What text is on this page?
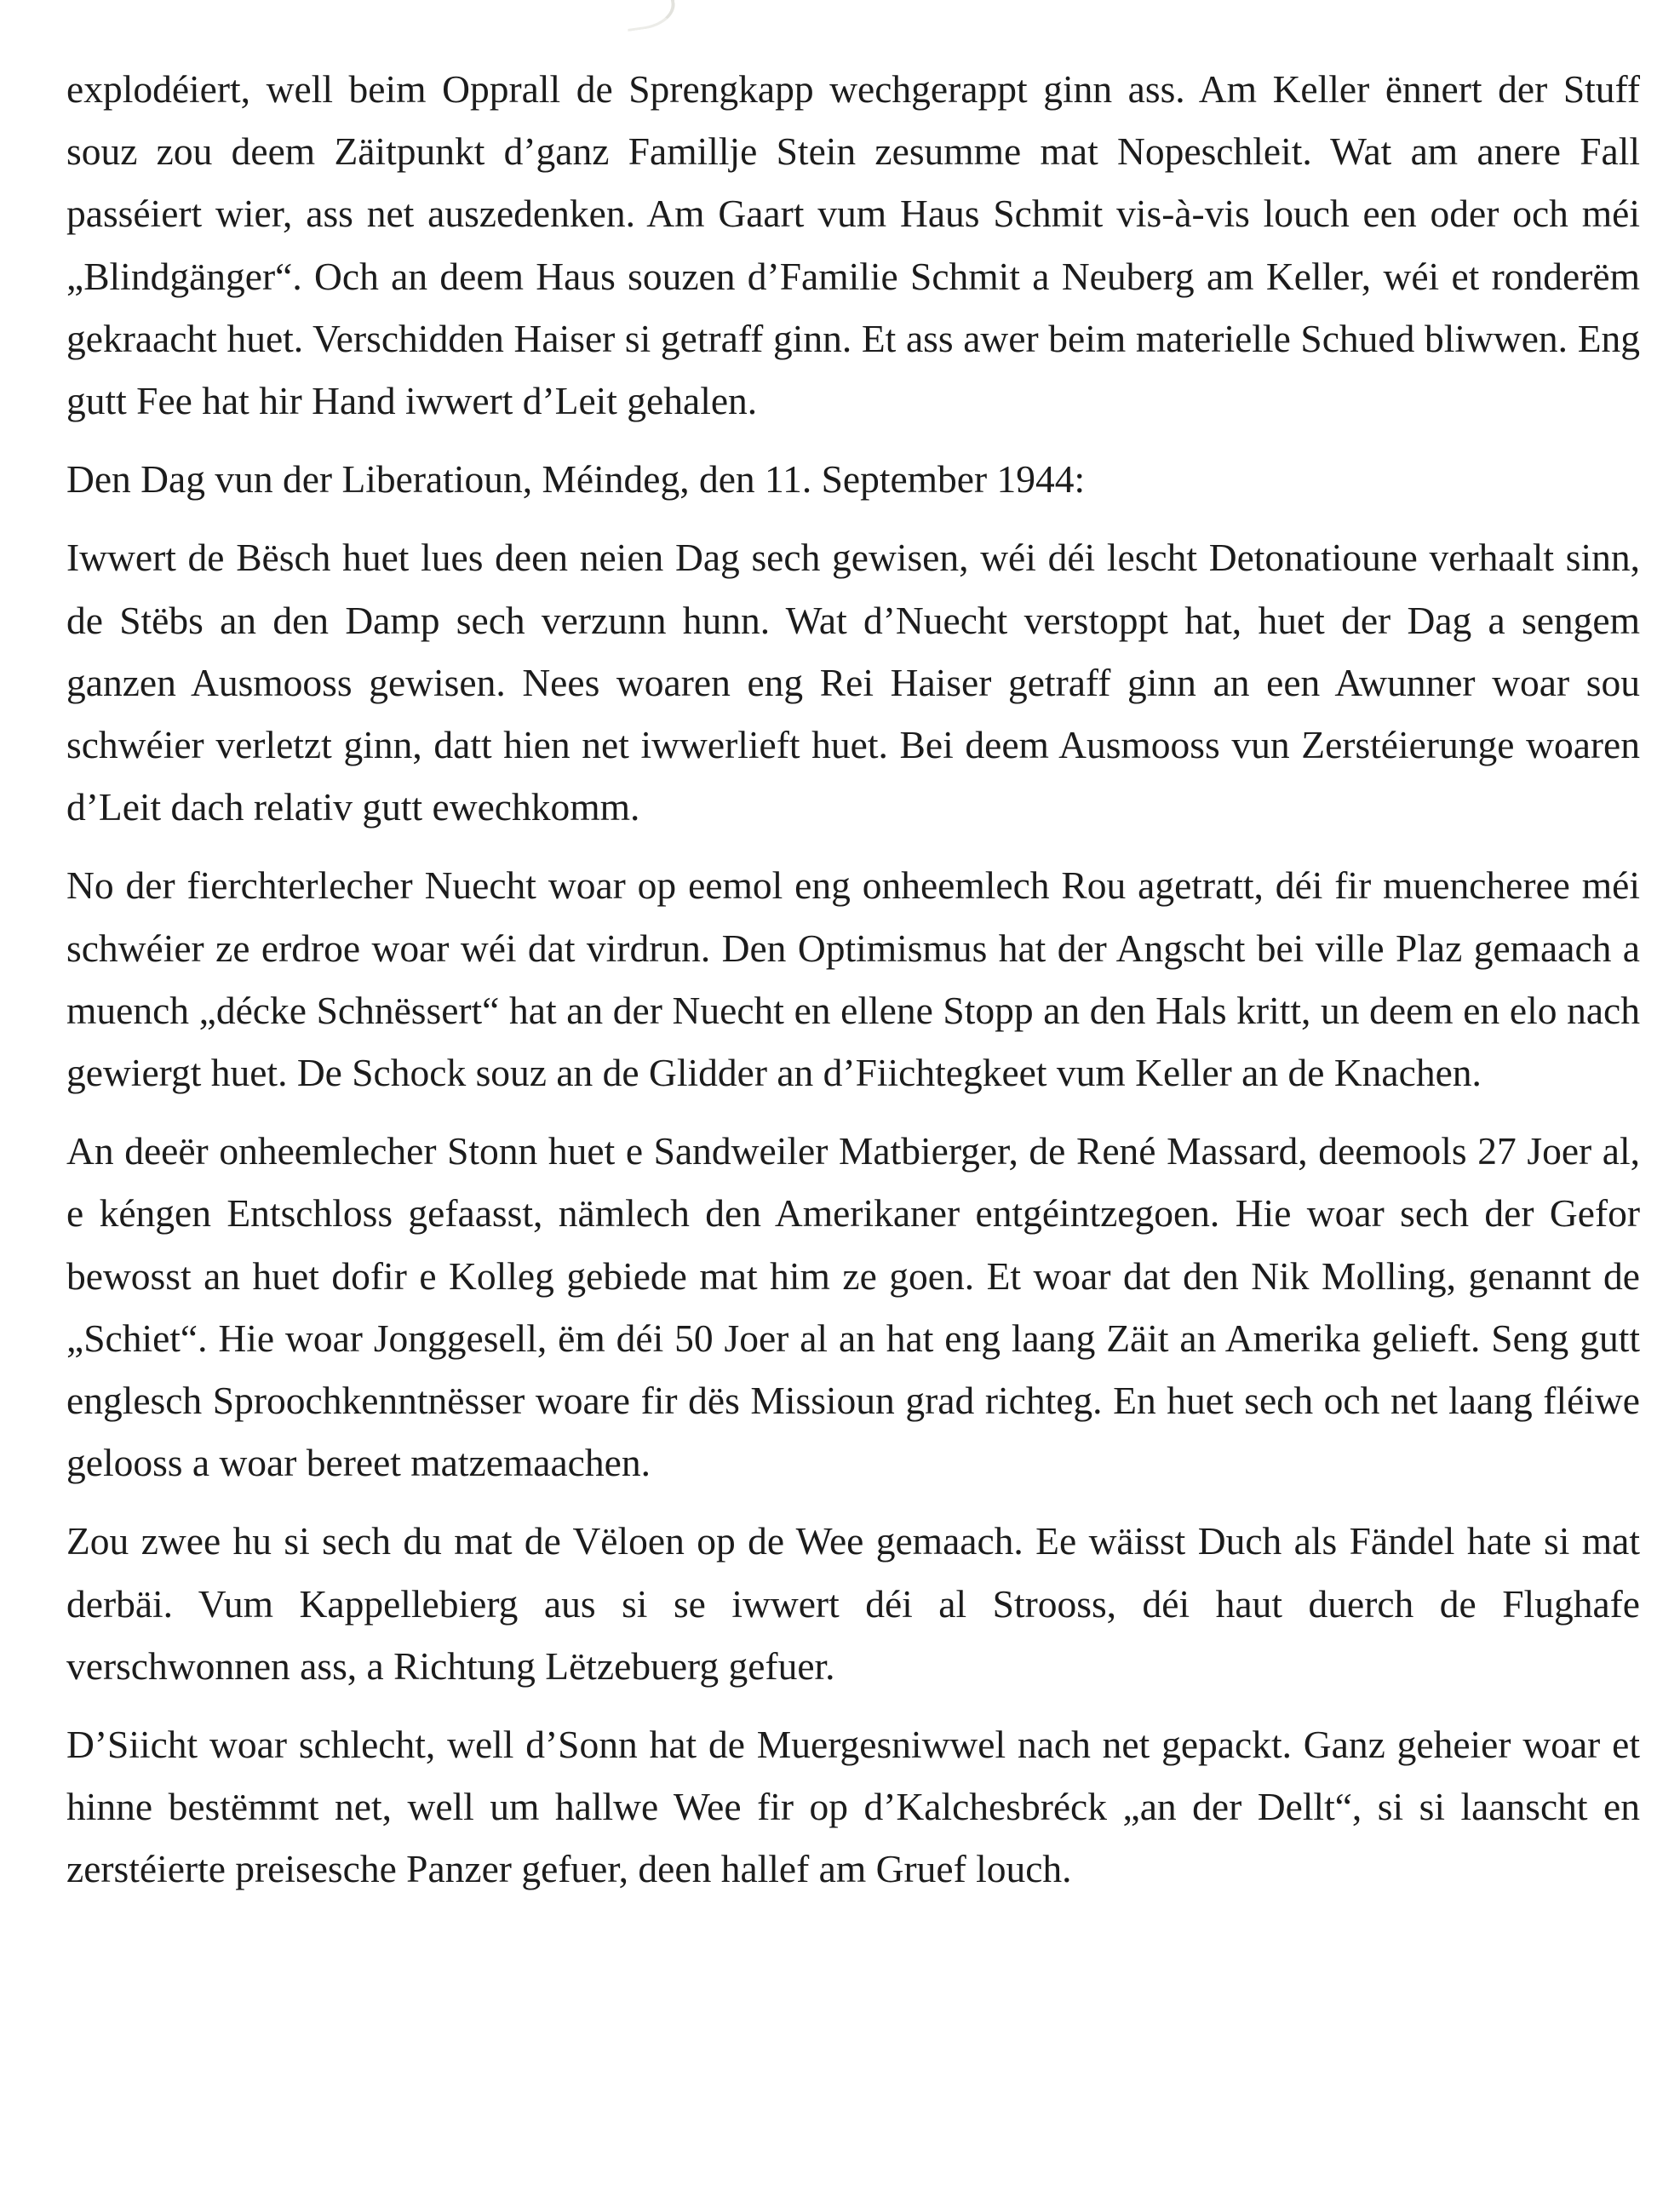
explodéiert, well beim Opprall de Sprengkapp wechgerappt ginn ass. Am Keller ënnert der Stuff souz zou deem Zäitpunkt d’ganz Famillje Stein zesumme mat Nopeschleit. Wat am anere Fall passéiert wier, ass net auszedenken. Am Gaart vum Haus Schmit vis-à-vis louch een oder och méi „Blindgänger“. Och an deem Haus souzen d’Familie Schmit a Neuberg am Keller, wéi et ronderëm gekraacht huet. Verschidden Haiser si getraff ginn. Et ass awer beim materielle Schued bliwwen. Eng gutt Fee hat hir Hand iwwert d’Leit gehalen.

Den Dag vun der Liberatioun, Méindeg, den 11. September 1944:

Iwwert de Bësch huet lues deen neien Dag sech gewisen, wéi déi lescht Detonatioune verhaalt sinn, de Stëbs an den Damp sech verzunn hunn. Wat d’Nuecht verstoppt hat, huet der Dag a sengem ganzen Ausmooss gewisen. Nees woaren eng Rei Haiser getraff ginn an een Awunner woar sou schwéier verletzt ginn, datt hien net iwwerlieft huet. Bei deem Ausmooss vun Zerstéierunge woaren d’Leit dach relativ gutt ewechkomm.

No der fierchterlecher Nuecht woar op eemol eng onheemlech Rou agetratt, déi fir muencheree méi schwéier ze erdroe woar wéi dat virdrun. Den Optimismus hat der Angscht bei ville Plaz gemaach a muench „décke Schnëssert“ hat an der Nuecht en ellene Stopp an den Hals kritt, un deem en elo nach gewiergt huet. De Schock souz an de Glidder an d’Fiichtegkeet vum Keller an de Knachen.

An deeër onheemlecher Stonn huet e Sandweiler Matbierger, de René Massard, deemools 27 Joer al, e kéngen Entschloss gefaasst, nämlech den Amerikaner entgéintzegoen. Hie woar sech der Gefor bewosst an huet dofir e Kolleg gebiede mat him ze goen. Et woar dat den Nik Molling, genannt de „Schiet“. Hie woar Jonggesell, ëm déi 50 Joer al an hat eng laang Zäit an Amerika gelieft. Seng gutt englesch Sproochkenntnësser woare fir dës Missioun grad richteg. En huet sech och net laang fléiwe gelooss a woar bereet matzemaachen.

Zou zwee hu si sech du mat de Vëloen op de Wee gemaach. Ee wäisst Duch als Fändel hate si mat derbäi. Vum Kappellebierg aus si se iwwert déi al Strooss, déi haut duerch de Flughafe verschwonnen ass, a Richtung Lëtzebuerg gefuer.

D’Siicht woar schlecht, well d’Sonn hat de Muergesniwwel nach net gepackt. Ganz geheier woar et hinne bestëmmt net, well um hallwe Wee fir op d’Kalchesbréck „an der Dellt“, si si laanscht en zerstéierte preisesche Panzer gefuer, deen hallef am Gruef louch.
